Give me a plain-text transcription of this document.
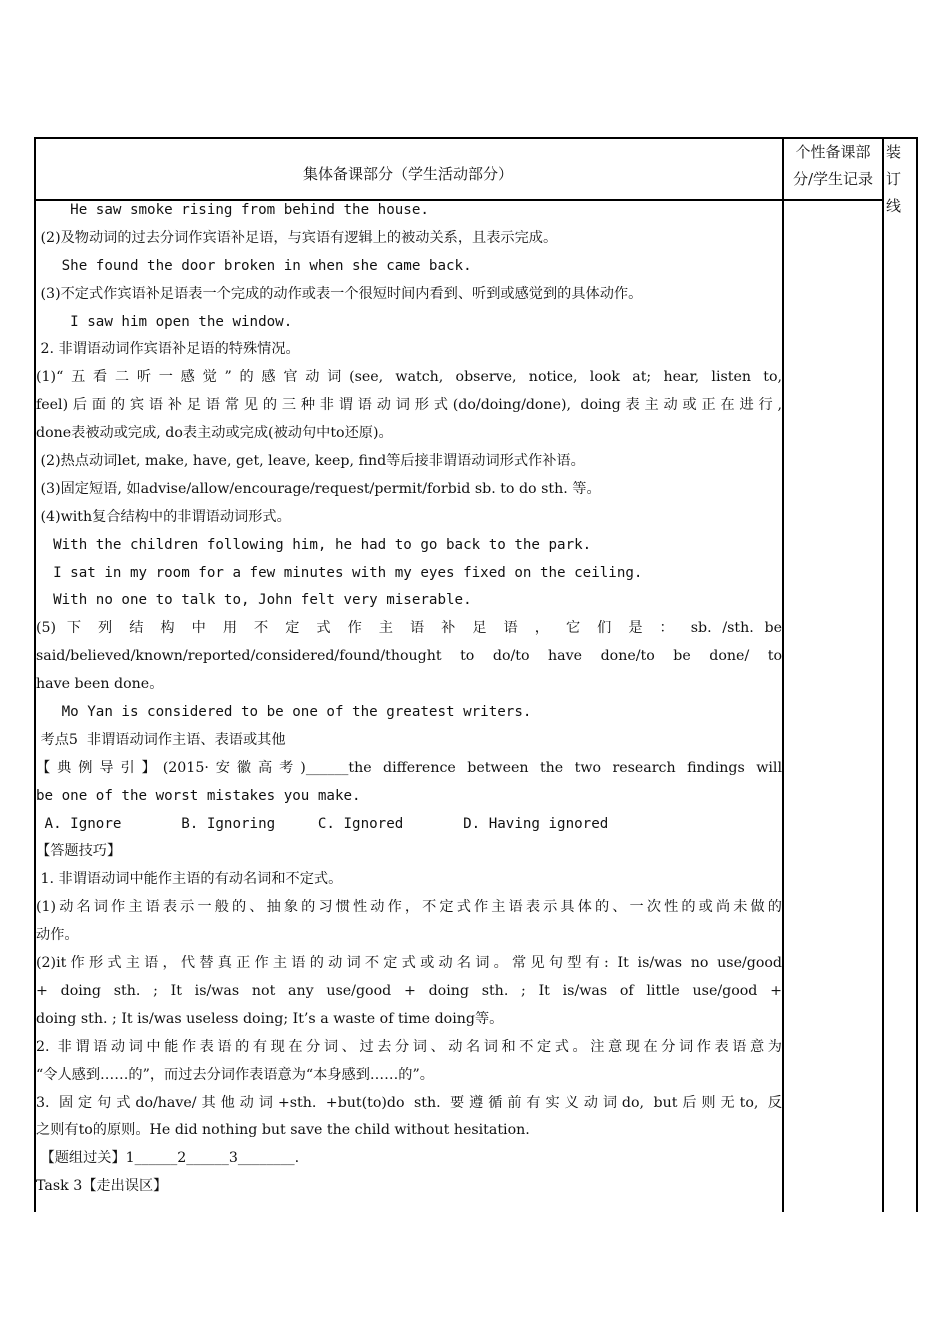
集体备课部分（学生活动部分）
个性备课部
分/学生记录
装
订
线
He saw smoke rising from behind the house.
(2)及物动词的过去分词作宾语补足语，与宾语有逻辑上的被动关系，且表示完成。
She found the door broken in when she came back.
(3)不定式作宾语补足语表一个完成的动作或表一个很短时间内看到、听到或感觉到的具体动作。
I saw him open the window.
2. 非谓语动词作宾语补足语的特殊情况。
(1)“五看二听一感觉”的感官动词(see, watch, observe, notice, look at; hear, listen to,
feel)后面的宾语补足语常见的三种非谓语动词形式(do/doing/done), doing表主动或正在进行,
done表被动或完成, do表主动或完成(被动句中to还原)。
(2)热点动词let, make, have, get, leave, keep, find等后接非谓语动词形式作补语。
(3)固定短语, 如advise/allow/encourage/request/permit/forbid sb. to do sth. 等。
(4)with复合结构中的非谓语动词形式。
With the children following him, he had to go back to the park.
I sat in my room for a few minutes with my eyes fixed on the ceiling.
With no one to talk to, John felt very miserable.
(5) 下 列 结 构 中 用 不 定 式 作 主 语 补 足 语 ， 它 们 是 ： sb. /sth. be
said/believed/known/reported/considered/found/thought to do/to have done/to be done/ to
have been done。
Mo Yan is considered to be one of the greatest writers.
考点5  非谓语动词作主语、表语或其他
【典例导引】(2015·安徽高考)______the difference between the two research findings will
be one of the worst mistakes you make.
A. Ignore       B. Ignoring     C. Ignored       D. Having ignored
【答题技巧】
1. 非谓语动词中能作主语的有动名词和不定式。
(1)动名词作主语表示一般的、抽象的习惯性动作，不定式作主语表示具体的、一次性的或尚未做的
动作。
(2)it作形式主语，代替真正作主语的动词不定式或动名词。常见句型有: It is/was no use/good
+ doing sth. ; It is/was not any use/good + doing sth. ; It is/was of little use/good +
doing sth. ; It is/was useless doing; It’s a waste of time doing等。
2. 非谓语动词中能作表语的有现在分词、过去分词、动名词和不定式。注意现在分词作表语意为
“令人感到……的”，而过去分词作表语意为“本身感到……的”。
3. 固定句式do/have/其他动词+sth. +but(to)do sth. 要遵循前有实义动词do, but后则无to, 反
之则有to的原则。He did nothing but save the child without hesitation.
【题组过关】1______2______3________.
Task 3【走出误区】
